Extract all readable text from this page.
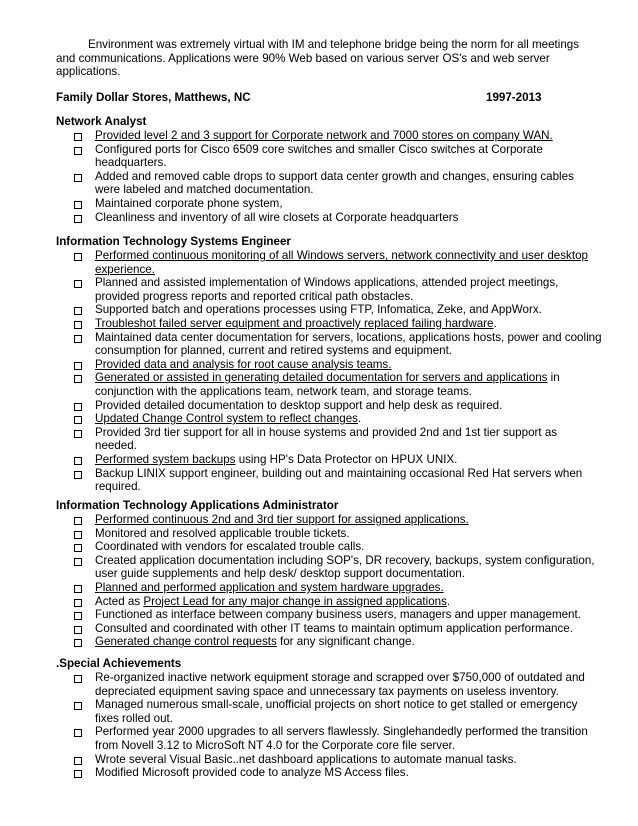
Environment was extremely virtual with IM and telephone bridge being the norm for all meetings

and communications. Applications were 90% Web based on various server OS's and web server

applications.

Family Dollar Stores, Matthews, NC	1997-2013
Network Analyst
Provided level 2 and 3 support for Corporate network and 7000 stores on company WAN.
Configured ports for Cisco 6509 core switches and smaller Cisco switches at Corporate headquarters.
Added and removed cable drops to support data center growth and changes, ensuring cables were labeled and matched documentation.
Maintained corporate phone system,
Cleanliness and inventory of all wire closets at Corporate headquarters
Information Technology Systems Engineer
Performed continuous monitoring of all Windows servers, network connectivity and user desktop experience.
Planned and assisted implementation of Windows applications, attended project meetings, provided progress reports and reported critical path obstacles.
Supported batch and operations processes using FTP, Infomatica, Zeke, and AppWorx.
Troubleshot failed server equipment and proactively replaced failing hardware.
Maintained data center documentation for servers, locations, applications hosts, power and cooling consumption for planned, current and retired systems and equipment.
Provided data and analysis for root cause analysis teams.
Generated or assisted in generating detailed documentation for servers and applications in conjunction with the applications team, network team, and storage teams.
Provided detailed documentation to desktop support and help desk as required.
Updated Change Control system to reflect changes.
Provided 3rd tier support for all in house systems and provided 2nd and 1st tier support as needed.
Performed system backups using HP's Data Protector on HPUX UNIX.
Backup LINIX support engineer, building out and maintaining occasional Red Hat servers when required.
Information Technology Applications Administrator
Performed continuous 2nd and 3rd tier support for assigned applications.
Monitored and resolved applicable trouble tickets.
Coordinated with vendors for escalated trouble calls.
Created application documentation including SOP's, DR recovery, backups, system configuration, user guide supplements and help desk/ desktop support documentation.
Planned and performed application and system hardware upgrades.
Acted as Project Lead for any major change in assigned applications.
Functioned as interface between company business users, managers and upper management.
Consulted and coordinated with other IT teams to maintain optimum application performance.
Generated change control requests for any significant change.
.Special Achievements
Re-organized inactive network equipment storage and scrapped over $750,000 of outdated and depreciated equipment saving space and unnecessary tax payments on useless inventory.
Managed numerous small-scale, unofficial projects on short notice to get stalled or emergency fixes rolled out.
Performed year 2000 upgrades to all servers flawlessly. Singlehandedly performed the transition from Novell 3.12 to MicroSoft NT 4.0 for the Corporate core file server.
Wrote several Visual Basic..net dashboard applications to automate manual tasks.
Modified Microsoft provided code to analyze MS Access files.
